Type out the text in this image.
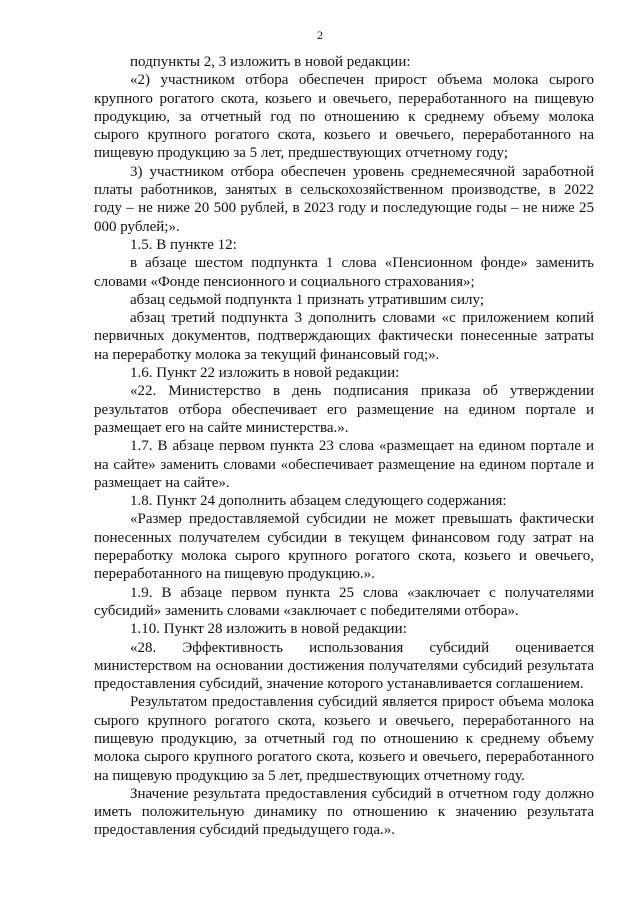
2

подпункты 2, 3 изложить в новой редакции:

«2) участником отбора обеспечен прирост объема молока сырого крупного рогатого скота, козьего и овечьего, переработанного на пищевую продукцию, за отчетный год по отношению к среднему объему молока сырого крупного рогатого скота, козьего и овечьего, переработанного на пищевую продукцию за 5 лет, предшествующих отчетному году;

3) участником отбора обеспечен уровень среднемесячной заработной платы работников, занятых в сельскохозяйственном производстве, в 2022 году – не ниже 20 500 рублей, в 2023 году и последующие годы – не ниже 25 000 рублей;».

1.5. В пункте 12:

в абзаце шестом подпункта 1 слова «Пенсионном фонде» заменить словами «Фонде пенсионного и социального страхования»;

абзац седьмой подпункта 1 признать утратившим силу;

абзац третий подпункта 3 дополнить словами «с приложением копий первичных документов, подтверждающих фактически понесенные затраты на переработку молока за текущий финансовый год;».

1.6. Пункт 22 изложить в новой редакции:

«22. Министерство в день подписания приказа об утверждении результатов отбора обеспечивает его размещение на едином портале и размещает его на сайте министерства.».

1.7. В абзаце первом пункта 23 слова «размещает на едином портале и на сайте» заменить словами «обеспечивает размещение на едином портале и размещает на сайте».

1.8. Пункт 24 дополнить абзацем следующего содержания:

«Размер предоставляемой субсидии не может превышать фактически понесенных получателем субсидии в текущем финансовом году затрат на переработку молока сырого крупного рогатого скота, козьего и овечьего, переработанного на пищевую продукцию.».

1.9. В абзаце первом пункта 25 слова «заключает с получателями субсидий» заменить словами «заключает с победителями отбора».

1.10. Пункт 28 изложить в новой редакции:

«28. Эффективность использования субсидий оценивается министерством на основании достижения получателями субсидий результата предоставления субсидий, значение которого устанавливается соглашением.

Результатом предоставления субсидий является прирост объема молока сырого крупного рогатого скота, козьего и овечьего, переработанного на пищевую продукцию, за отчетный год по отношению к среднему объему молока сырого крупного рогатого скота, козьего и овечьего, переработанного на пищевую продукцию за 5 лет, предшествующих отчетному году.

Значение результата предоставления субсидий в отчетном году должно иметь положительную динамику по отношению к значению результата предоставления субсидий предыдущего года.».
